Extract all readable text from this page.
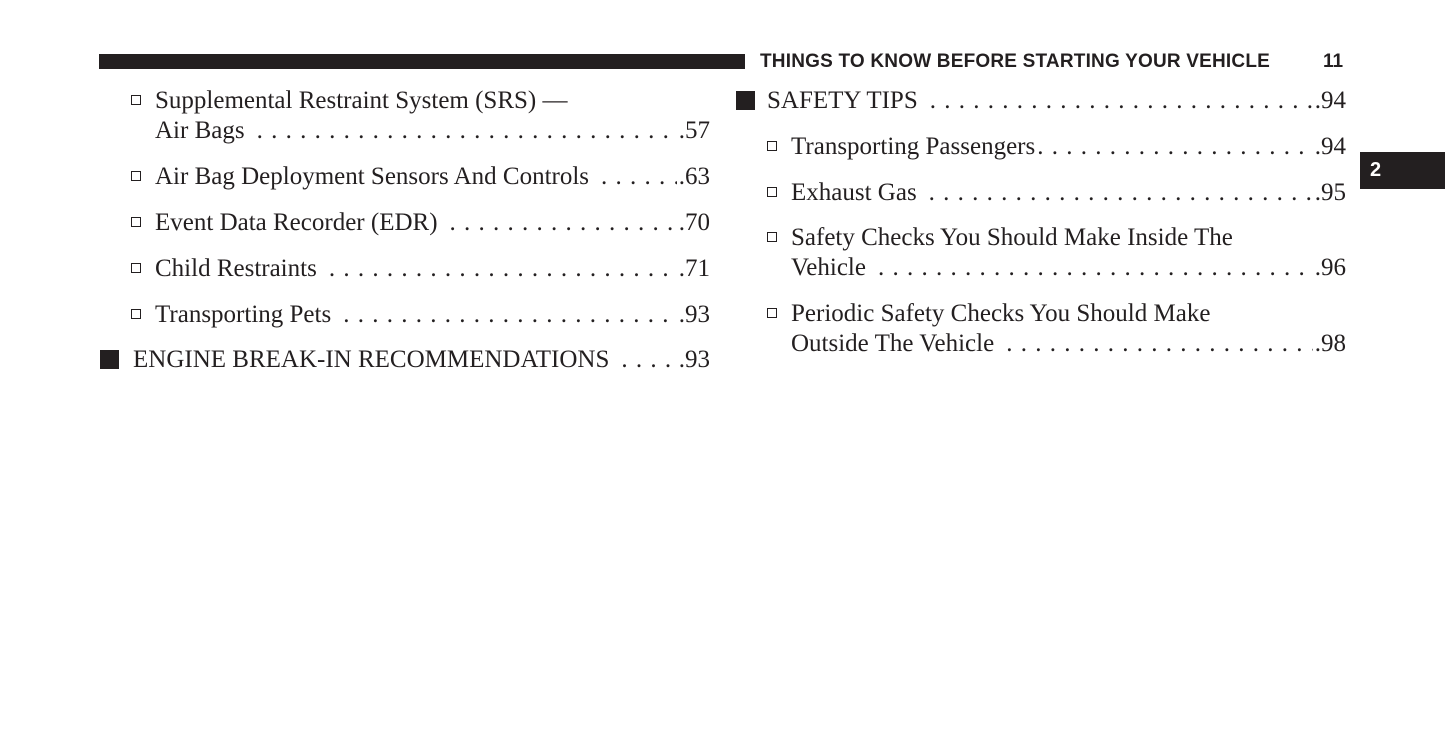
THINGS TO KNOW BEFORE STARTING YOUR VEHICLE	11
2
Supplemental Restraint System (SRS) —
Air Bags . . .	.57
Air Bag Deployment Sensors And Controls . . .	.63
Event Data Recorder (EDR) . . .	.70
Child Restraints . . .	.71
Transporting Pets . . .	.93
ENGINE BREAK-IN RECOMMENDATIONS . . .	.93
SAFETY TIPS . . .	.94
Transporting Passengers . . .	.94
Exhaust Gas . . .	.95
Safety Checks You Should Make Inside The
Vehicle . . .	.96
Periodic Safety Checks You Should Make
Outside The Vehicle . . .	.98
